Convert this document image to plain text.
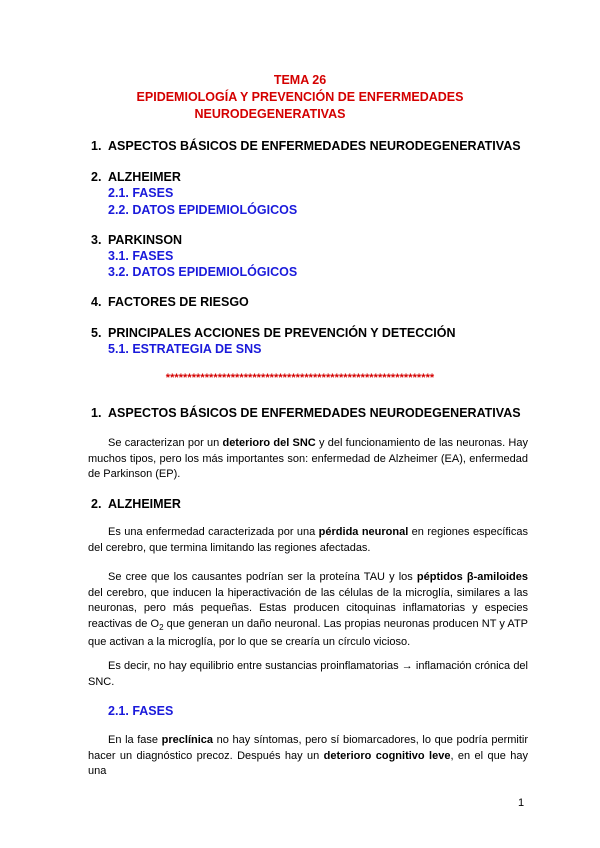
TEMA 26
EPIDEMIOLOGÍA Y PREVENCIÓN DE ENFERMEDADES
NEURODEGENERATIVAS
1. ASPECTOS BÁSICOS DE ENFERMEDADES NEURODEGENERATIVAS
2. ALZHEIMER
2.1. FASES
2.2. DATOS EPIDEMIOLÓGICOS
3. PARKINSON
3.1. FASES
3.2. DATOS EPIDEMIOLÓGICOS
4. FACTORES DE RIESGO
5. PRINCIPALES ACCIONES DE PREVENCIÓN Y DETECCIÓN
5.1. ESTRATEGIA DE SNS
**************************************************************
1. ASPECTOS BÁSICOS DE ENFERMEDADES NEURODEGENERATIVAS
Se caracterizan por un deterioro del SNC y del funcionamiento de las neuronas. Hay muchos tipos, pero los más importantes son: enfermedad de Alzheimer (EA), enfermedad de Parkinson (EP).
2. ALZHEIMER
Es una enfermedad caracterizada por una pérdida neuronal en regiones específicas del cerebro, que termina limitando las regiones afectadas.
Se cree que los causantes podrían ser la proteína TAU y los péptidos β-amiloides del cerebro, que inducen la hiperactivación de las células de la microglía, similares a las neuronas, pero más pequeñas. Estas producen citoquinas inflamatorias y especies reactivas de $O_2$ que generan un daño neuronal. Las propias neuronas producen NT y ATP que activan a la microglía, por lo que se crearía un círculo vicioso.
Es decir, no hay equilibrio entre sustancias proinflamatorias → inflamación crónica del SNC.
2.1. FASES
En la fase preclínica no hay síntomas, pero sí biomarcadores, lo que podría permitir hacer un diagnóstico precoz. Después hay un deterioro cognitivo leve, en el que hay una
1
